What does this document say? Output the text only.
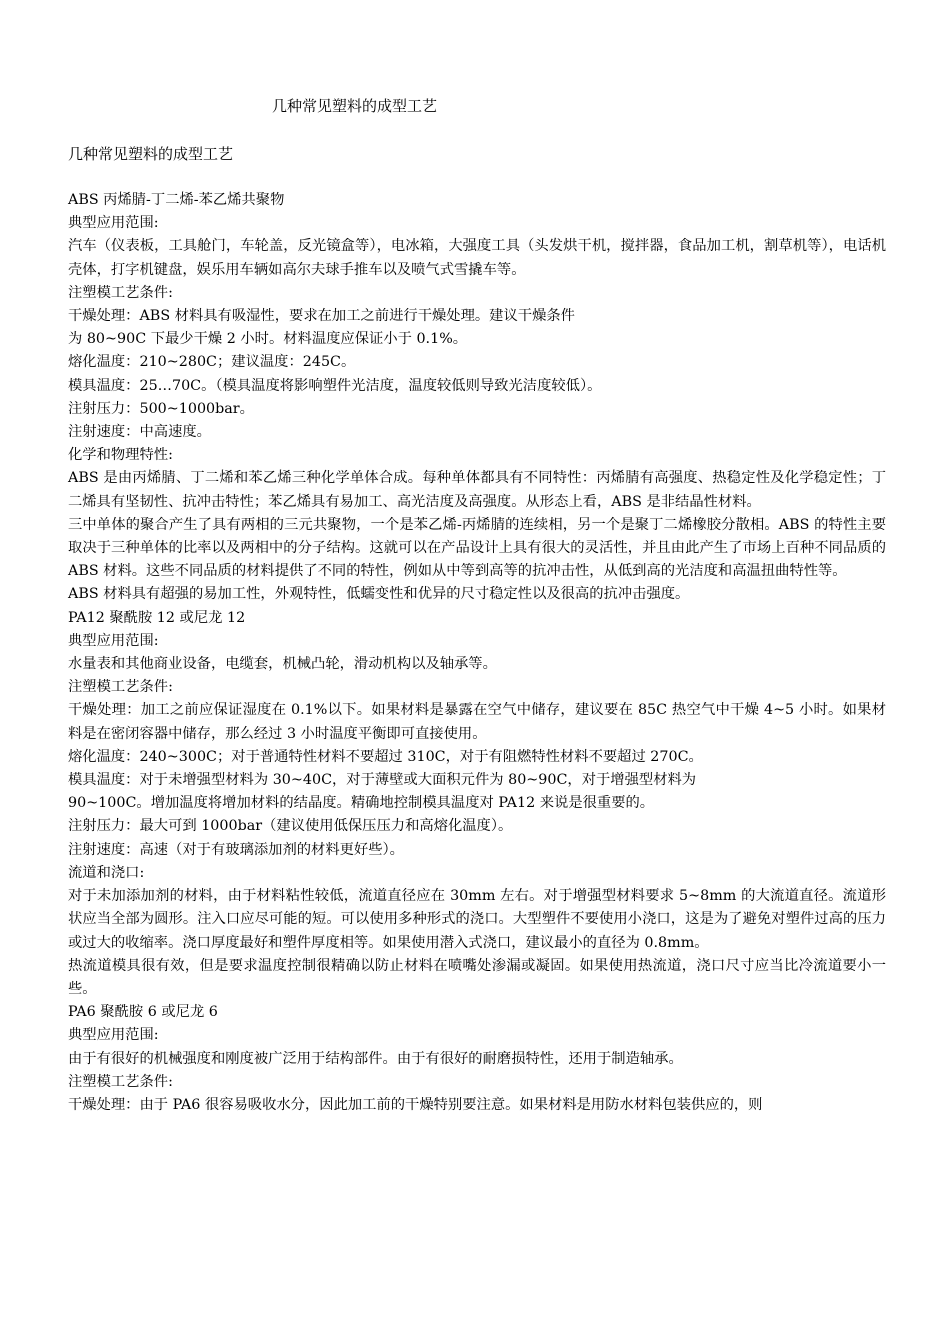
几种常见塑料的成型工艺
几种常见塑料的成型工艺

ABS 丙烯腈-丁二烯-苯乙烯共聚物

典型应用范围:

汽车（仪表板，工具舱门，车轮盖，反光镜盒等），电冰箱，大强度工具（头发烘干机，搅拌器，食品加工机，割草机等），电话机壳体，打字机键盘，娱乐用车辆如高尔夫球手推车以及喷气式雪撬车等。

注塑模工艺条件:

干燥处理：ABS 材料具有吸湿性，要求在加工之前进行干燥处理。建议干燥条件

为 80~90C 下最少干燥 2 小时。材料温度应保证小于 0.1%。

熔化温度：210~280C；建议温度：245C。

模具温度：25…70C。（模具温度将影响塑件光洁度，温度较低则导致光洁度较低）。

注射压力：500~1000bar。

注射速度：中高速度。

化学和物理特性:

ABS 是由丙烯腈、丁二烯和苯乙烯三种化学单体合成。每种单体都具有不同特性：丙烯腈有高强度、热稳定性及化学稳定性；丁二烯具有坚韧性、抗冲击特性；苯乙烯具有易加工、高光洁度及高强度。从形态上看，ABS 是非结晶性材料。

三中单体的聚合产生了具有两相的三元共聚物，一个是苯乙烯-丙烯腈的连续相，另一个是聚丁二烯橡胶分散相。ABS 的特性主要取决于三种单体的比率以及两相中的分子结构。这就可以在产品设计上具有很大的灵活性，并且由此产生了市场上百种不同品质的 ABS 材料。这些不同品质的材料提供了不同的特性，例如从中等到高等的抗冲击性，从低到高的光洁度和高温扭曲特性等。

ABS 材料具有超强的易加工性，外观特性，低蠕变性和优异的尺寸稳定性以及很高的抗冲击强度。

PA12 聚酰胺 12 或尼龙 12

典型应用范围:

水量表和其他商业设备，电缆套，机械凸轮，滑动机构以及轴承等。

注塑模工艺条件:

干燥处理：加工之前应保证湿度在 0.1%以下。如果材料是暴露在空气中储存，建议要在 85C 热空气中干燥 4~5 小时。如果材料是在密闭容器中储存，那么经过 3 小时温度平衡即可直接使用。

熔化温度：240~300C；对于普通特性材料不要超过 310C，对于有阻燃特性材料不要超过 270C。

模具温度：对于未增强型材料为 30~40C，对于薄壁或大面积元件为 80~90C，对于增强型材料为

90~100C。增加温度将增加材料的结晶度。精确地控制模具温度对 PA12 来说是很重要的。

注射压力：最大可到 1000bar（建议使用低保压压力和高熔化温度）。

注射速度：高速（对于有玻璃添加剂的材料更好些）。

流道和浇口:

对于未加添加剂的材料，由于材料粘性较低，流道直径应在 30mm 左右。对于增强型材料要求 5~8mm 的大流道直径。流道形状应当全部为圆形。注入口应尽可能的短。可以使用多种形式的浇口。大型塑件不要使用小浇口，这是为了避免对塑件过高的压力或过大的收缩率。浇口厚度最好和塑件厚度相等。如果使用潜入式浇口，建议最小的直径为 0.8mm。

热流道模具很有效，但是要求温度控制很精确以防止材料在喷嘴处渗漏或凝固。如果使用热流道，浇口尺寸应当比冷流道要小一些。

PA6 聚酰胺 6 或尼龙 6

典型应用范围:

由于有很好的机械强度和刚度被广泛用于结构部件。由于有很好的耐磨损特性，还用于制造轴承。

注塑模工艺条件:

干燥处理：由于 PA6 很容易吸收水分，因此加工前的干燥特别要注意。如果材料是用防水材料包装供应的，则
